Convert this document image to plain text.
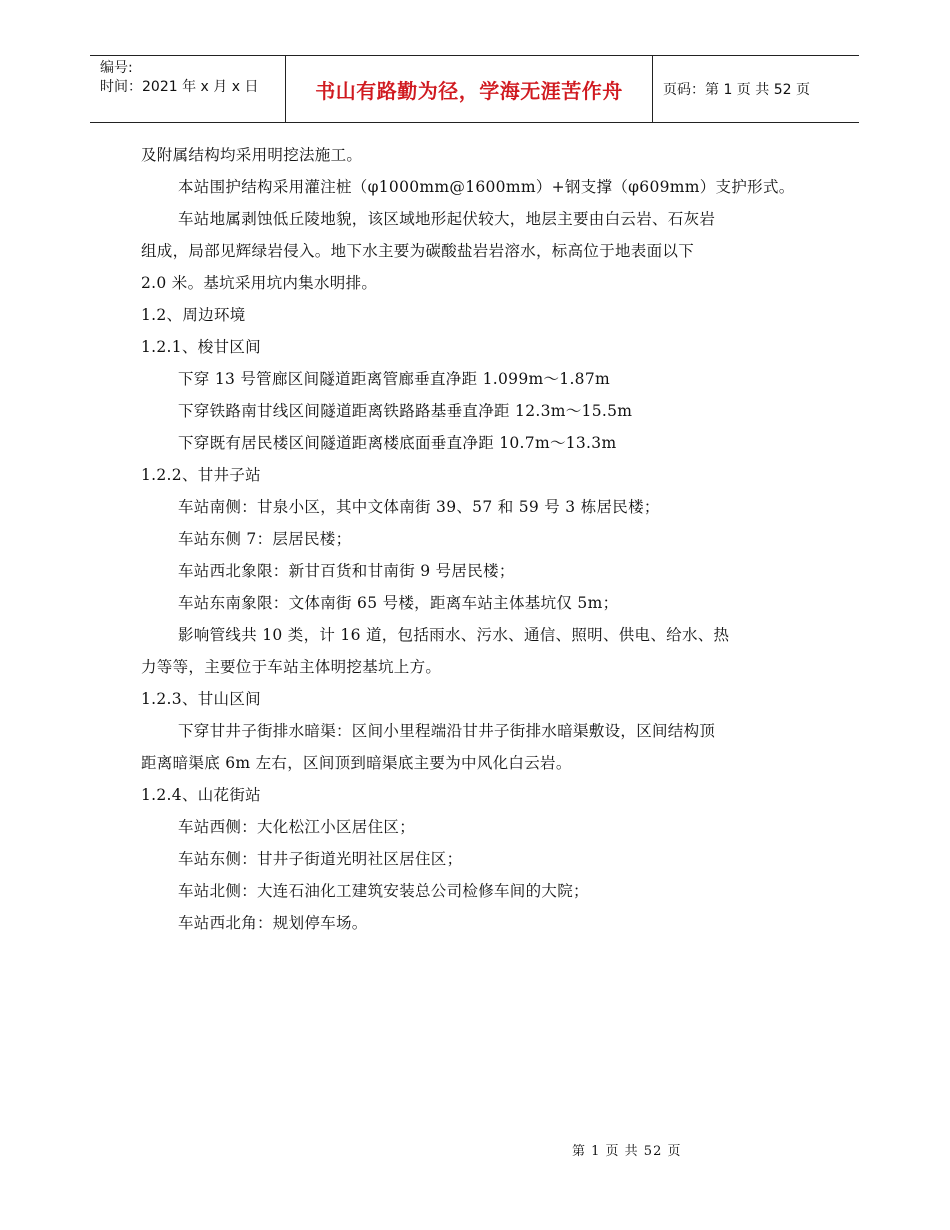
编号:
时间：2021 年 x 月 x 日	书山有路勤为径，学海无涯苦作舟	页码：第 1 页 共 52 页
及附属结构均采用明挖法施工。
本站围护结构采用灌注桩（φ1000mm@1600mm）+钢支撑（φ609mm）支护形式。
车站地属剥蚀低丘陵地貌，该区域地形起伏较大，地层主要由白云岩、石灰岩
组成，局部见辉绿岩侵入。地下水主要为碳酸盐岩岩溶水，标高位于地表面以下
2.0 米。基坑采用坑内集水明排。
1.2、周边环境
1.2.1、梭甘区间
下穿 13 号管廊区间隧道距离管廊垂直净距 1.099m～1.87m
下穿铁路南甘线区间隧道距离铁路路基垂直净距 12.3m～15.5m
下穿既有居民楼区间隧道距离楼底面垂直净距 10.7m～13.3m
1.2.2、甘井子站
车站南侧：甘泉小区，其中文体南街 39、57 和 59 号 3 栋居民楼；
车站东侧 7：层居民楼；
车站西北象限：新甘百货和甘南街 9 号居民楼；
车站东南象限：文体南街 65 号楼，距离车站主体基坑仅 5m；
影响管线共 10 类，计 16 道，包括雨水、污水、通信、照明、供电、给水、热
力等等，主要位于车站主体明挖基坑上方。
1.2.3、甘山区间
下穿甘井子街排水暗渠：区间小里程端沿甘井子街排水暗渠敷设，区间结构顶
距离暗渠底 6m 左右，区间顶到暗渠底主要为中风化白云岩。
1.2.4、山花街站
车站西侧：大化松江小区居住区；
车站东侧：甘井子街道光明社区居住区；
车站北侧：大连石油化工建筑安装总公司检修车间的大院；
车站西北角：规划停车场。
第 1 页 共 52 页
